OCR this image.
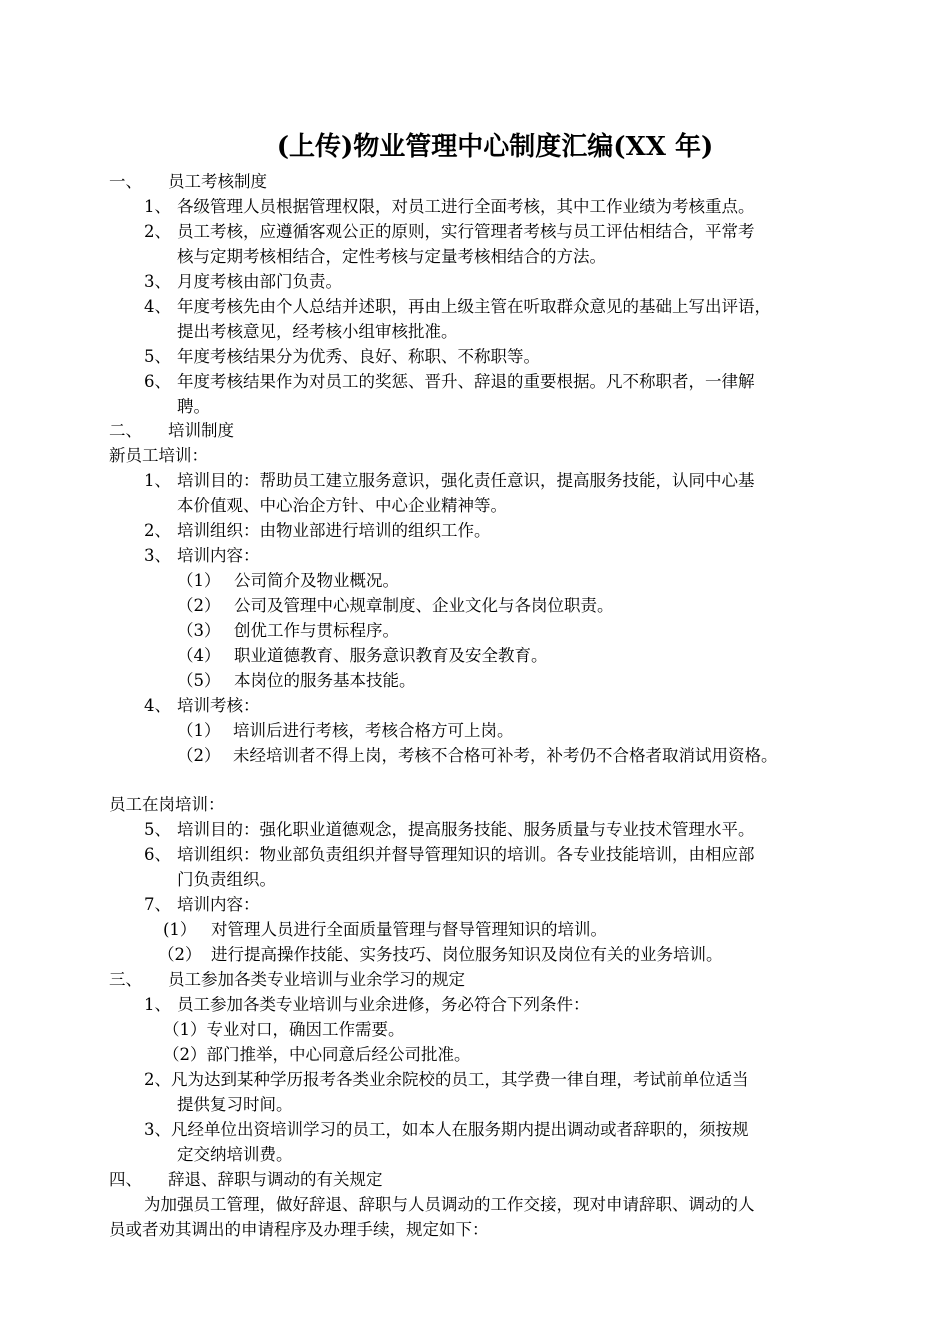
(上传)物业管理中心制度汇编(XX 年)
一、 员工考核制度
1、 各级管理人员根据管理权限，对员工进行全面考核，其中工作业绩为考核重点。
2、 员工考核，应遵循客观公正的原则，实行管理者考核与员工评估相结合，平常考
核与定期考核相结合，定性考核与定量考核相结合的方法。
3、 月度考核由部门负责。
4、 年度考核先由个人总结并述职，再由上级主管在听取群众意见的基础上写出评语，
提出考核意见，经考核小组审核批准。
5、 年度考核结果分为优秀、良好、称职、不称职等。
6、 年度考核结果作为对员工的奖惩、晋升、辞退的重要根据。凡不称职者，一律解
聘。
二、 培训制度
新员工培训：
1、 培训目的：帮助员工建立服务意识，强化责任意识，提高服务技能，认同中心基
本价值观、中心治企方针、中心企业精神等。
2、 培训组织：由物业部进行培训的组织工作。
3、 培训内容：
（1） 公司简介及物业概况。
（2） 公司及管理中心规章制度、企业文化与各岗位职责。
（3） 创优工作与贯标程序。
（4） 职业道德教育、服务意识教育及安全教育。
（5） 本岗位的服务基本技能。
4、 培训考核：
（1） 培训后进行考核，考核合格方可上岗。
（2） 未经培训者不得上岗，考核不合格可补考，补考仍不合格者取消试用资格。
员工在岗培训：
5、 培训目的：强化职业道德观念，提高服务技能、服务质量与专业技术管理水平。
6、 培训组织：物业部负责组织并督导管理知识的培训。各专业技能培训，由相应部
门负责组织。
7、 培训内容：
(1） 对管理人员进行全面质量管理与督导管理知识的培训。
（2） 进行提高操作技能、实务技巧、岗位服务知识及岗位有关的业务培训。
三、 员工参加各类专业培训与业余学习的规定
1、 员工参加各类专业培训与业余进修，务必符合下列条件：
（1）专业对口，确因工作需要。
（2）部门推举，中心同意后经公司批准。
2、凡为达到某种学历报考各类业余院校的员工，其学费一律自理，考试前单位适当
提供复习时间。
3、凡经单位出资培训学习的员工，如本人在服务期内提出调动或者辞职的，须按规
定交纳培训费。
四、 辞退、辞职与调动的有关规定
为加强员工管理，做好辞退、辞职与人员调动的工作交接，现对申请辞职、调动的人
员或者劝其调出的申请程序及办理手续，规定如下：
